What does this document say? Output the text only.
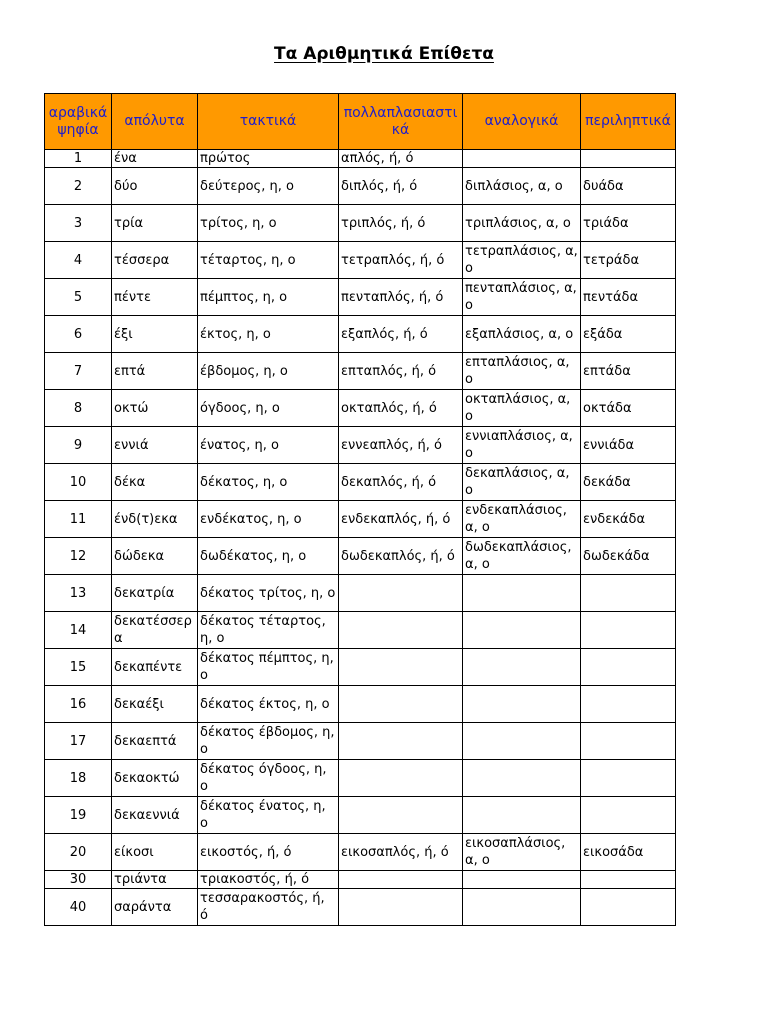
Τα Αριθμητικά Επίθετα
αραβικά ψηφία	απόλυτα	τακτικά	πολλαπλασιαστικά	αναλογικά	περιληπτικά
1	ένα	πρώτος	απλός, ή, ό		
2	δύο	δεύτερος, η, ο	διπλός, ή, ό	διπλάσιος, α, ο	δυάδα
3	τρία	τρίτος, η, ο	τριπλός, ή, ό	τριπλάσιος, α, ο	τριάδα
4	τέσσερα	τέταρτος, η, ο	τετραπλός, ή, ό	τετραπλάσιος, α, ο	τετράδα
5	πέντε	πέμπτος, η, ο	πενταπλός, ή, ό	πενταπλάσιος, α, ο	πεντάδα
6	έξι	έκτος, η, ο	εξαπλός, ή, ό	εξαπλάσιος, α, ο	εξάδα
7	επτά	έβδομος, η, ο	επταπλός, ή, ό	επταπλάσιος, α, ο	επτάδα
8	οκτώ	όγδοος, η, ο	οκταπλός, ή, ό	οκταπλάσιος, α, ο	οκτάδα
9	εννιά	ένατος, η, ο	εννεαπλός, ή, ό	εννιαπλάσιος, α, ο	εννιάδα
10	δέκα	δέκατος, η, ο	δεκαπλός, ή, ό	δεκαπλάσιος, α, ο	δεκάδα
11	ένδ(τ)εκα	ενδέκατος, η, ο	ενδεκαπλός, ή, ό	ενδεκαπλάσιος, α, ο	ενδεκάδα
12	δώδεκα	δωδέκατος, η, ο	δωδεκαπλός, ή, ό	δωδεκαπλάσιος, α, ο	δωδεκάδα
13	δεκατρία	δέκατος τρίτος, η, ο			
14	δεκατέσσερα	δέκατος τέταρτος, η, ο			
15	δεκαπέντε	δέκατος πέμπτος, η, ο			
16	δεκαέξι	δέκατος έκτος, η, ο			
17	δεκαεπτά	δέκατος έβδομος, η, ο			
18	δεκαοκτώ	δέκατος όγδοος, η, ο			
19	δεκαεννιά	δέκατος ένατος, η, ο			
20	είκοσι	εικοστός, ή, ό	εικοσαπλός, ή, ό	εικοσαπλάσιος, α, ο	εικοσάδα
30	τριάντα	τριακοστός, ή, ό			
40	σαράντα	τεσσαρακοστός, ή, ό			
